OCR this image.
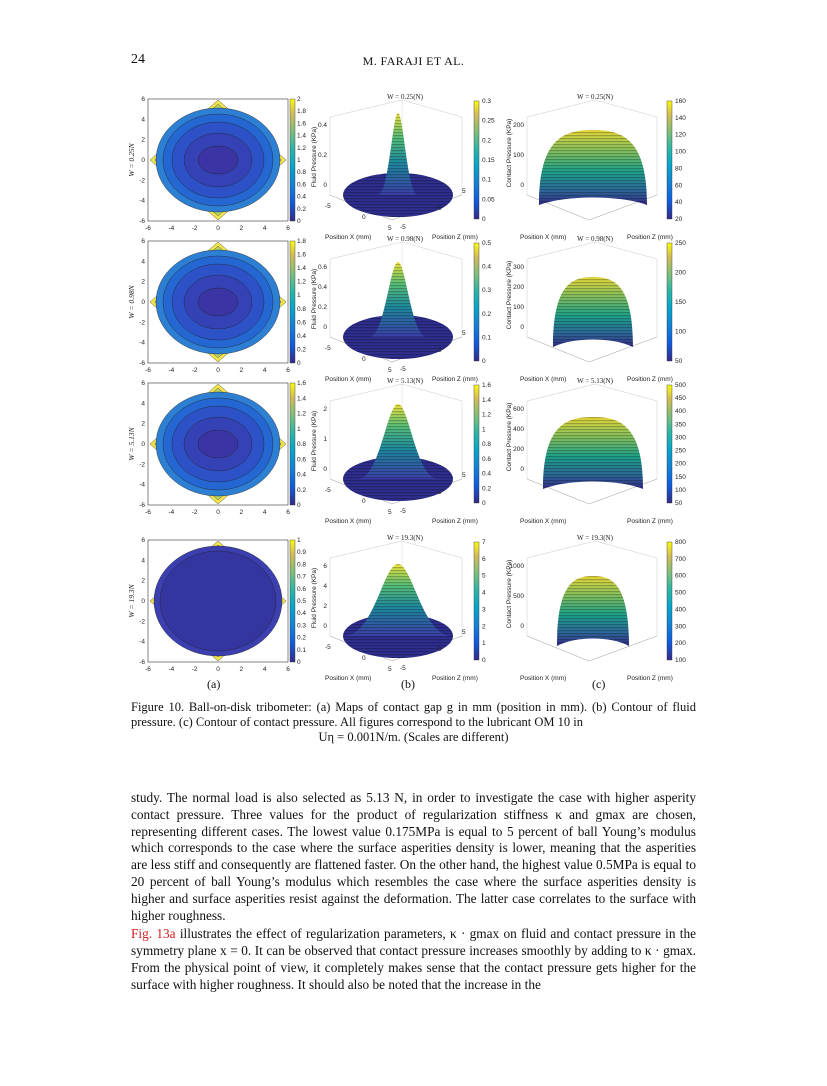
24	M. FARAJI ET AL.
W = 0.25N
-6	-4	-2	0	2	4	6
6
4
2
0
-2
-4
-6	0
0.2
0.4
0.6
0.8
1
1.2
1.4
1.6
1.8
2	W = 0.25(N)
0
0.2
0.4
Fluid Pressure (KPa)
-5
0
5 -5
0
5
Position X (mm)	Position Z (mm)
0
0.05
0.1
0.15
0.2
0.25
0.3
W = 0.25(N)
0
100
200
Contact Pressure (KPa)
Position X (mm)	Position Z (mm)
20
40
60
80
100
120
140
160
W = 0.98N
-6	-4	-2	0	2	4	6
6
4
2
0
-2
-4
-6	0
0.2
0.4
0.6
0.8
1
1.2
1.4
1.6
1.8	W = 0.98(N)
0
0.2
0.4
0.6
Fluid Pressure (KPa)
-5
0
5 -5
0
5
Position X (mm)	Position Z (mm)
0
0.1
0.2
0.3
0.4
0.5
W = 0.98(N)
0
100
200
300
Contact Pressure (KPa)
Position X (mm)	Position Z (mm)
50
100
150
200
250
W = 5.13N
-6	-4	-2	0	2	4	6
6
4
2
0
-2
-4
-6	0
0.2
0.4
0.6
0.8
1
1.2
1.4
1.6	W = 5.13(N)
0
1
2
Fluid Pressure (KPa)
-5
0
5 -5
0
5
Position X (mm)	Position Z (mm)
0
0.2
0.4
0.6
0.8
1
1.2
1.4
1.6
W = 5.13(N)
0
200
400
600
Contact Pressure (KPa)
Position X (mm)	Position Z (mm)
50
100
150
200
250
300
350
400
450
500
W = 19.3N
-6	-4	-2	0	2	4	6
6
4
2
0
-2
-4
-6	0
0.1
0.2
0.3
0.4
0.5
0.6
0.7
0.8
0.9
1	W = 19.3(N)
0
2
4
6
Fluid Pressure (KPa)
-5
0
5 -5
0
5
Position X (mm)	Position Z (mm)
0
1
2
3
4
5
6
7
W = 19.3(N)
0
500
1000
Contact Pressure (KPa)
Position X (mm)	Position Z (mm)
100
200
300
400
500
600
700
800
(a)	(b)	(c)
Figure 10. Ball-on-disk tribometer: (a) Maps of contact gap g in mm (position in mm). (b) Contour of fluid pressure. (c) Contour of contact pressure. All figures correspond to the lubricant OM 10 in
Uη = 0.001N/m. (Scales are different)

study. The normal load is also selected as 5.13 N, in order to investigate the case with higher asperity contact pressure. Three values for the product of regularization stiffness κ and gmax are chosen, representing different cases. The lowest value 0.175MPa is equal to 5 percent of ball Young’s modulus which corresponds to the case where the surface asperities density is lower, meaning that the asperities are less stiff and consequently are flattened faster. On the other hand, the highest value 0.5MPa is equal to 20 percent of ball Young’s modulus which resembles the case where the surface asperities density is higher and surface asperities resist against the deformation. The latter case correlates to the surface with higher roughness.

Fig. 13a illustrates the effect of regularization parameters, κ · gmax on fluid and contact pressure in the symmetry plane x = 0. It can be observed that contact pressure increases smoothly by adding to κ · gmax. From the physical point of view, it completely makes sense that the contact pressure gets higher for the surface with higher roughness. It should also be noted that the increase in the
